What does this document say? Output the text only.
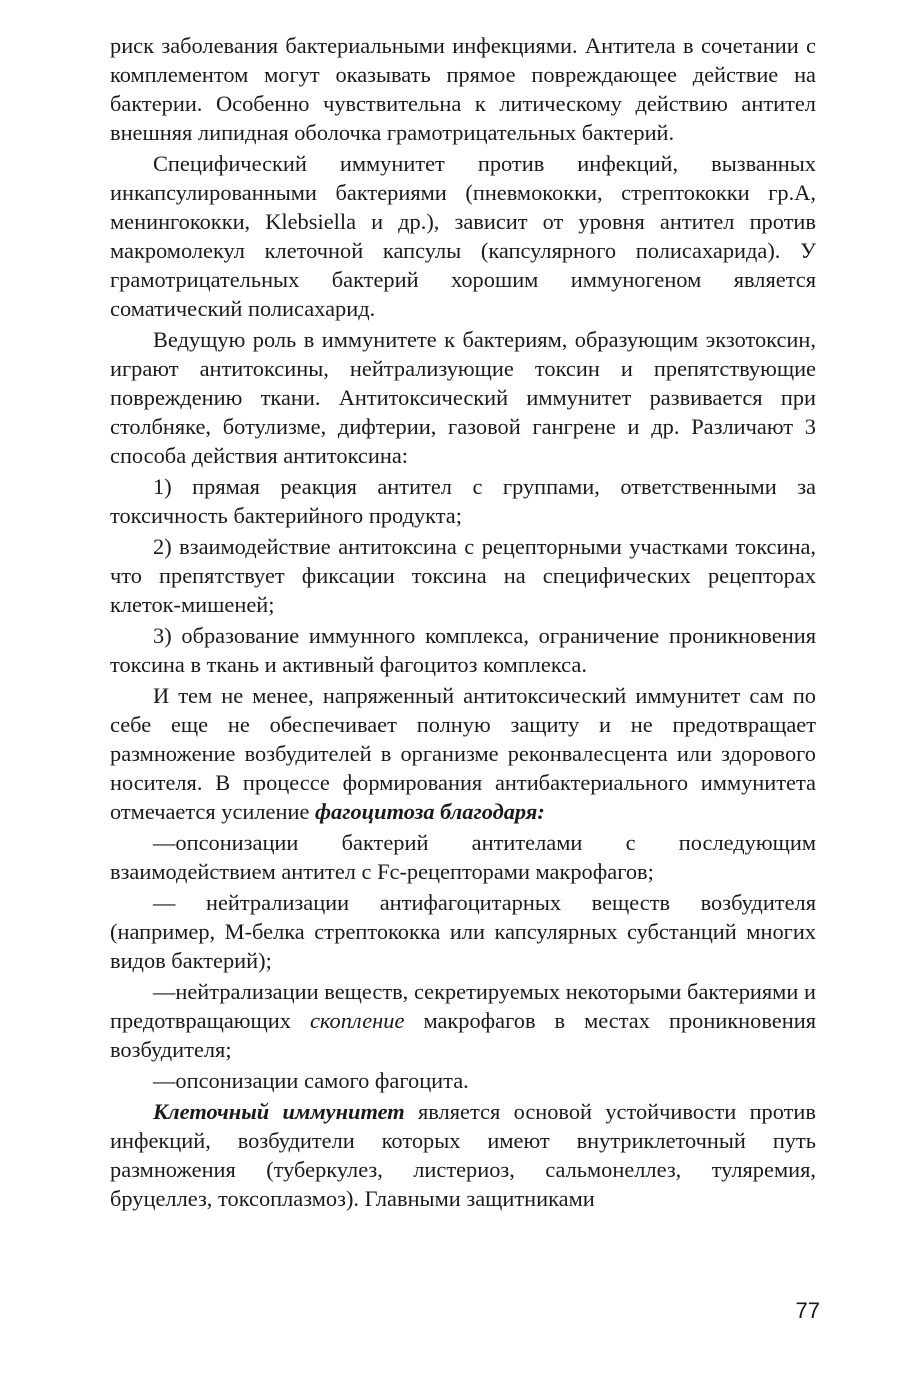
риск заболевания бактериальными инфекциями. Антитела в сочетании с комплементом могут оказывать прямое повреждающее действие на бактерии. Особенно чувствительна к литическому действию антител внешняя липидная оболочка грамотрицательных бактерий.

Специфический иммунитет против инфекций, вызванных инкапсулированными бактериями (пневмококки, стрептококки гр.А, менингококки, Klebsiella и др.), зависит от уровня антител против макромолекул клеточной капсулы (капсулярного полисахарида). У грамотрицательных бактерий хорошим иммуногеном является соматический полисахарид.

Ведущую роль в иммунитете к бактериям, образующим экзотоксин, играют антитоксины, нейтрализующие токсин и препятствующие повреждению ткани. Антитоксический иммунитет развивается при столбняке, ботулизме, дифтерии, газовой гангрене и др. Различают 3 способа действия антитоксина:

1) прямая реакция антител с группами, ответственными за токсичность бактерийного продукта;

2) взаимодействие антитоксина с рецепторными участками токсина, что препятствует фиксации токсина на специфических рецепторах клеток-мишеней;

3) образование иммунного комплекса, ограничение проникновения токсина в ткань и активный фагоцитоз комплекса.

И тем не менее, напряженный антитоксический иммунитет сам по себе еще не обеспечивает полную защиту и не предотвращает размножение возбудителей в организме реконвалесцента или здорового носителя. В процессе формирования антибактериального иммунитета отмечается усиление фагоцитоза благодаря:

—опсонизации бактерий антителами с последующим взаимодействием антител с Fc-рецепторами макрофагов;

— нейтрализации антифагоцитарных веществ возбудителя (например, М-белка стрептококка или капсулярных субстанций многих видов бактерий);

—нейтрализации веществ, секретируемых некоторыми бактериями и предотвращающих скопление макрофагов в местах проникновения возбудителя;

—опсонизации самого фагоцита.

Клеточный иммунитет является основой устойчивости против инфекций, возбудители которых имеют внутриклеточный путь размножения (туберкулез, листериоз, сальмонеллез, туляремия, бруцеллез, токсоплазмоз). Главными защитниками

77
